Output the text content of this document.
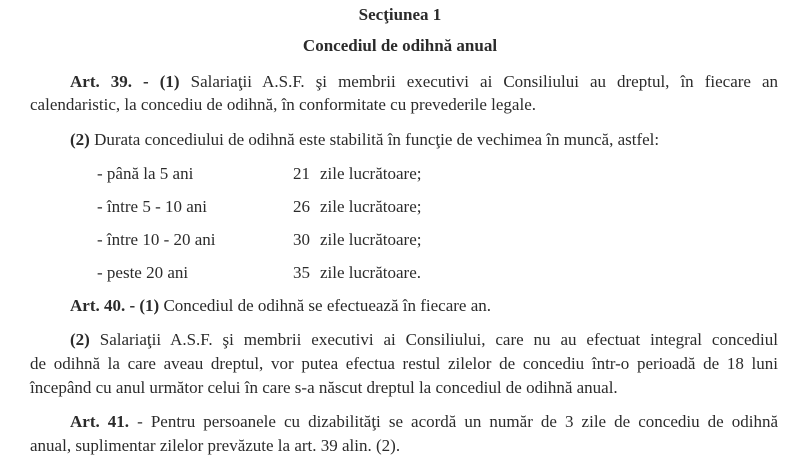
Secţiunea 1
Concediul de odihnă anual
Art. 39. - (1) Salariaţii A.S.F. şi membrii executivi ai Consiliului au dreptul, în fiecare an
calendaristic, la concediu de odihnă, în conformitate cu prevederile legale.
(2) Durata concediului de odihnă este stabilită în funcţie de vechimea în muncă, astfel:
- până la 5 ani	21 zile lucrătoare;
- între 5 - 10 ani	26 zile lucrătoare;
- între 10 - 20 ani	30 zile lucrătoare;
- peste 20 ani	35 zile lucrătoare.
Art. 40. - (1) Concediul de odihnă se efectuează în fiecare an.
(2) Salariaţii A.S.F. şi membrii executivi ai Consiliului, care nu au efectuat integral concediul
de odihnă la care aveau dreptul, vor putea efectua restul zilelor de concediu într-o perioadă de 18 luni
începând cu anul următor celui în care s-a născut dreptul la concediul de odihnă anual.
Art. 41. - Pentru persoanele cu dizabilităţi se acordă un număr de 3 zile de concediu de odihnă
anual, suplimentar zilelor prevăzute la art. 39 alin. (2).
